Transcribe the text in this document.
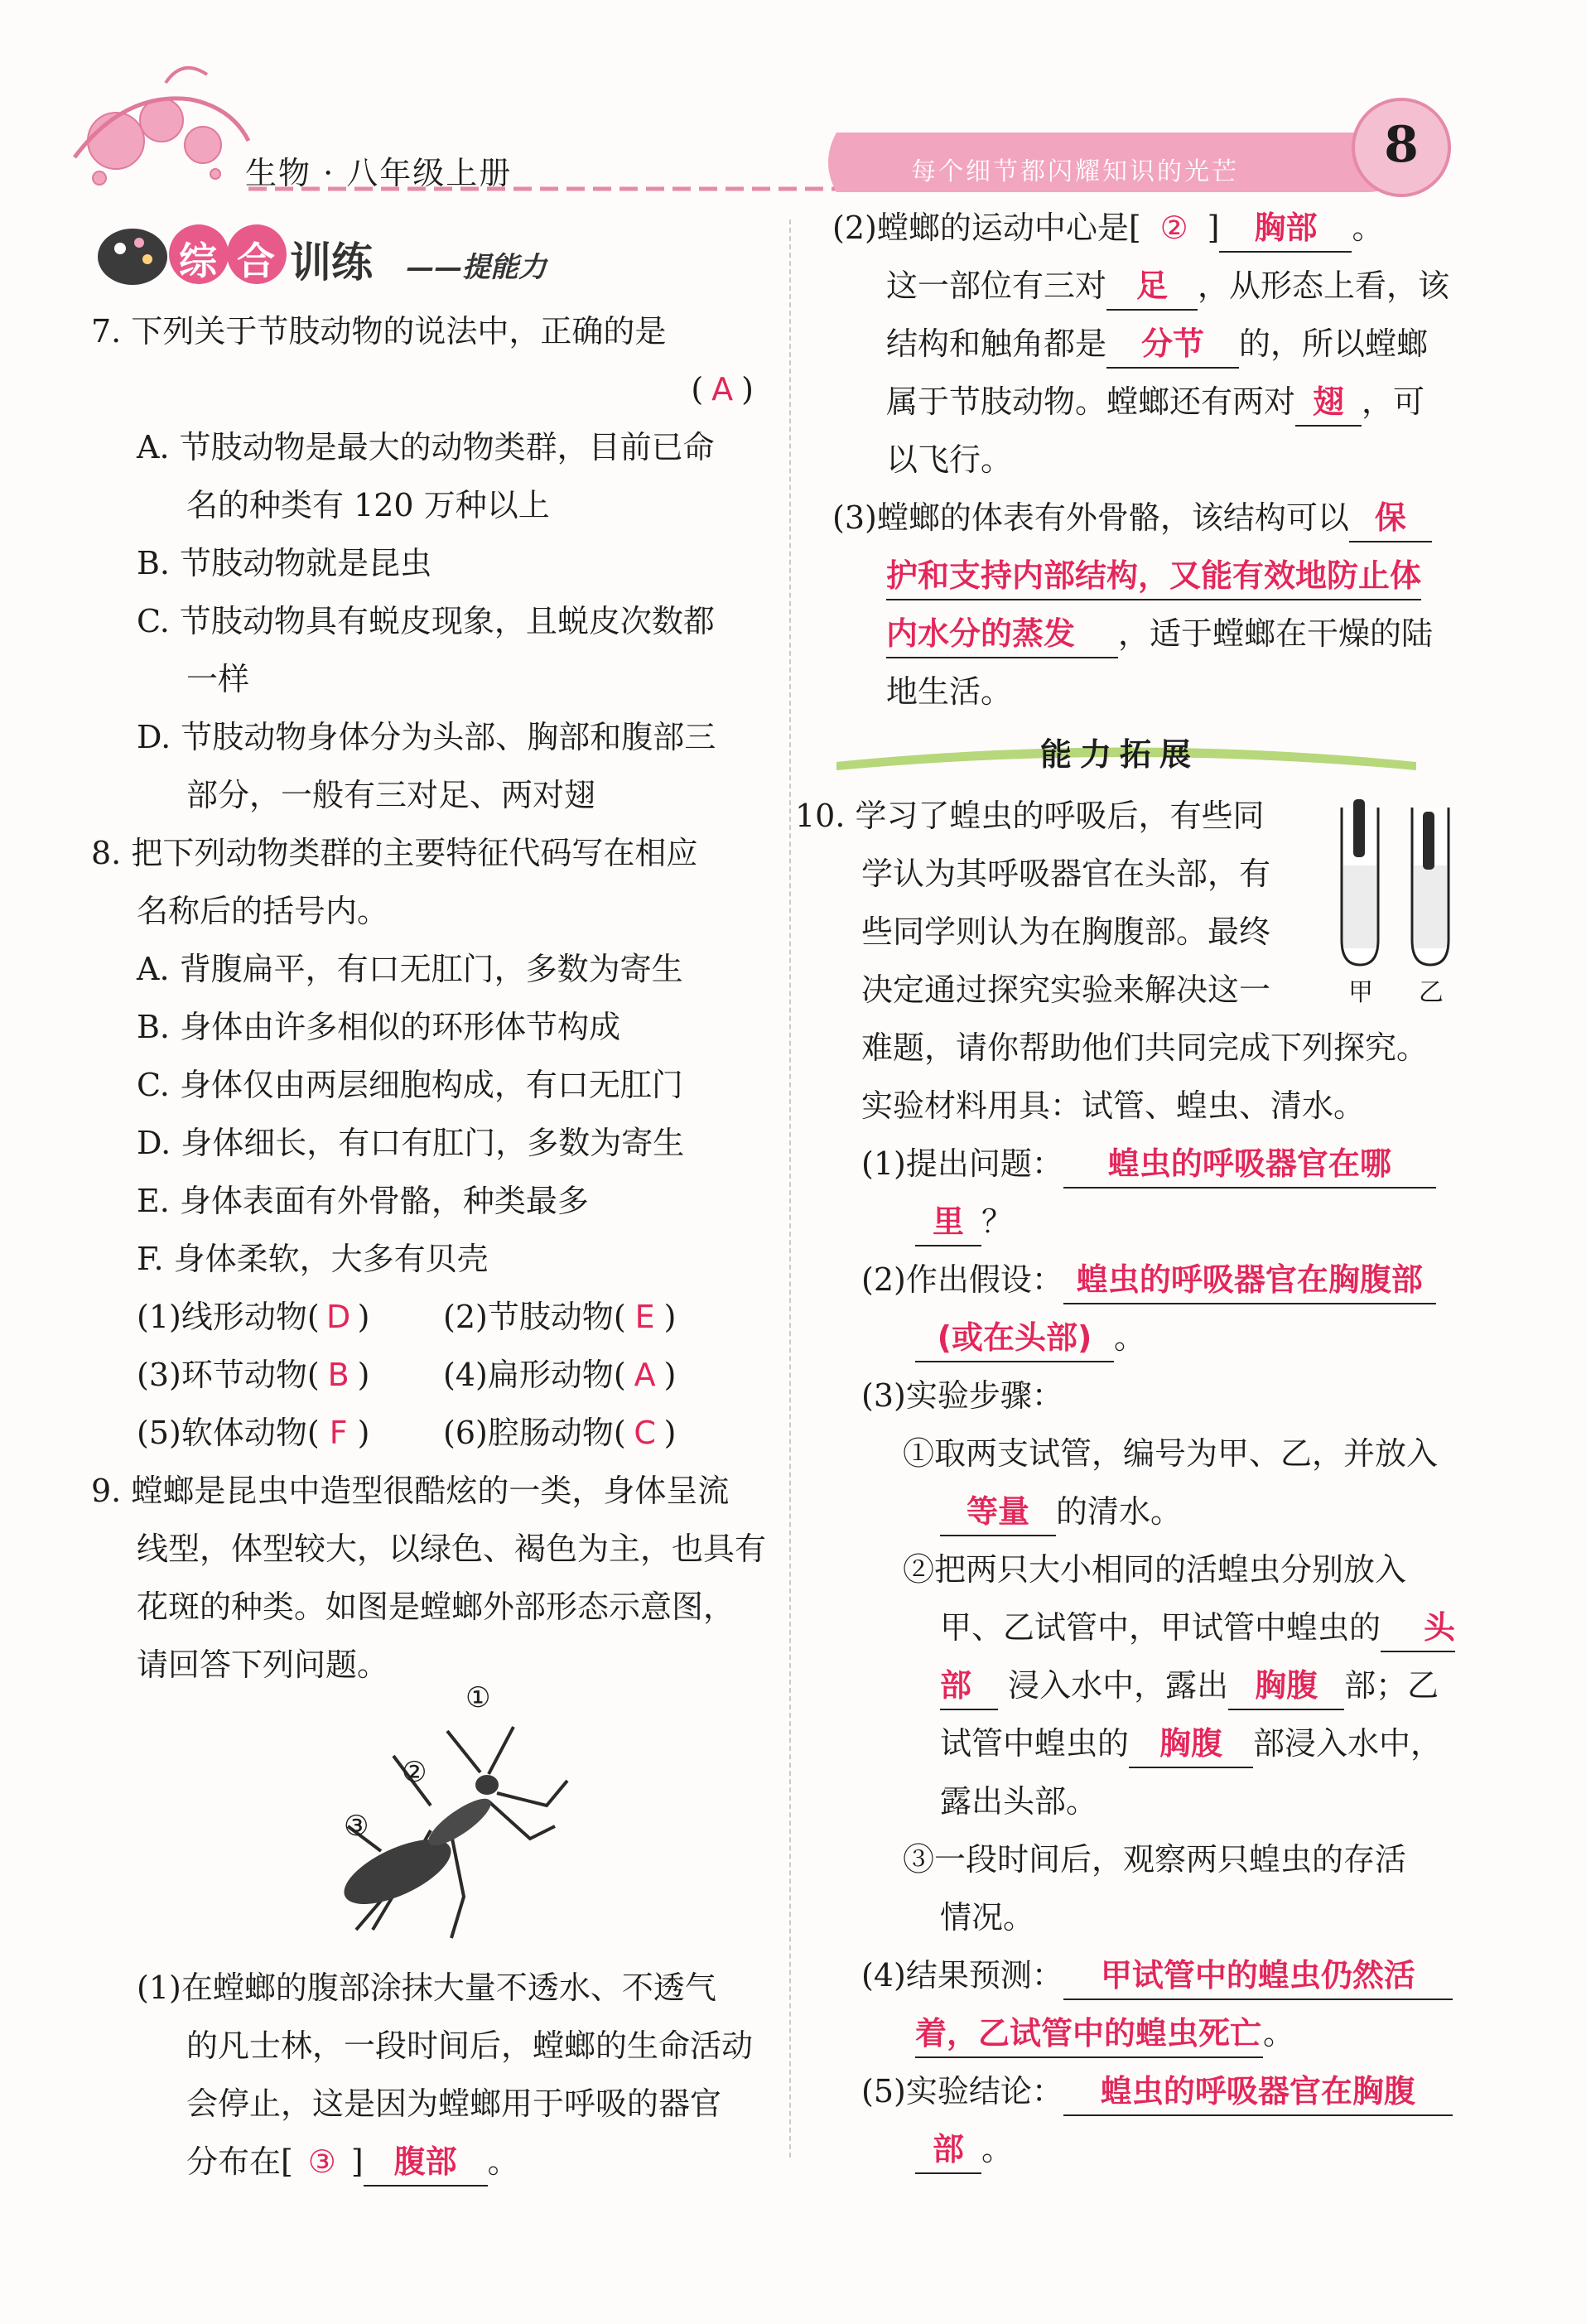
生物 · 八年级上册	每个细节都闪耀知识的光芒	8
综 合 训练 ——提能力

7. 下列关于节肢动物的说法中，正确的是

( A )

A. 节肢动物是最大的动物类群，目前已命

名的种类有 120 万种以上

B. 节肢动物就是昆虫

C. 节肢动物具有蜕皮现象，且蜕皮次数都

一样

D. 节肢动物身体分为头部、胸部和腹部三

部分，一般有三对足、两对翅

8. 把下列动物类群的主要特征代码写在相应

名称后的括号内。

A. 背腹扁平，有口无肛门，多数为寄生

B. 身体由许多相似的环形体节构成

C. 身体仅由两层细胞构成，有口无肛门

D. 身体细长，有口有肛门，多数为寄生

E. 身体表面有外骨骼，种类最多

F. 身体柔软，大多有贝壳

(1)线形动物( D ) (2)节肢动物( E )

(3)环节动物( B ) (4)扁形动物( A )

(5)软体动物( F ) (6)腔肠动物( C )

9. 螳螂是昆虫中造型很酷炫的一类，身体呈流

线型，体型较大，以绿色、褐色为主，也具有

花斑的种类。如图是螳螂外部形态示意图，

请回答下列问题。

①
②
③

(1)在螳螂的腹部涂抹大量不透水、不透气

的凡士林，一段时间后，螳螂的生命活动

会停止，这是因为螳螂用于呼吸的器官

分布在[ ③ ] 腹部 。

(2)螳螂的运动中心是[ ② ] 胸部 。

这一部位有三对 足 ，从形态上看，该

结构和触角都是 分节 的，所以螳螂

属于节肢动物。螳螂还有两对 翅 ，可

以飞行。

(3)螳螂的体表有外骨骼，该结构可以 保

护和支持内部结构，又能有效地防止体

内水分的蒸发 ，适于螳螂在干燥的陆

地生活。

能力拓展

10. 学习了蝗虫的呼吸后，有些同

学认为其呼吸器官在头部，有

些同学则认为在胸腹部。最终

决定通过探究实验来解决这一

难题，请你帮助他们共同完成下列探究。

实验材料用具：试管、蝗虫、清水。

(1)提出问题： 蝗虫的呼吸器官在哪

里 ？

(2)作出假设： 蝗虫的呼吸器官在胸腹部

(或在头部) 。

(3)实验步骤：

①取两支试管，编号为甲、乙，并放入

等量 的清水。

②把两只大小相同的活蝗虫分别放入

甲、乙试管中，甲试管中蝗虫的 头

部 浸入水中，露出 胸腹 部；乙

试管中蝗虫的 胸腹 部浸入水中，

露出头部。

③一段时间后，观察两只蝗虫的存活

情况。

(4)结果预测： 甲试管中的蝗虫仍然活

着，乙试管中的蝗虫死亡。

(5)实验结论： 蝗虫的呼吸器官在胸腹

部 。

甲 乙
